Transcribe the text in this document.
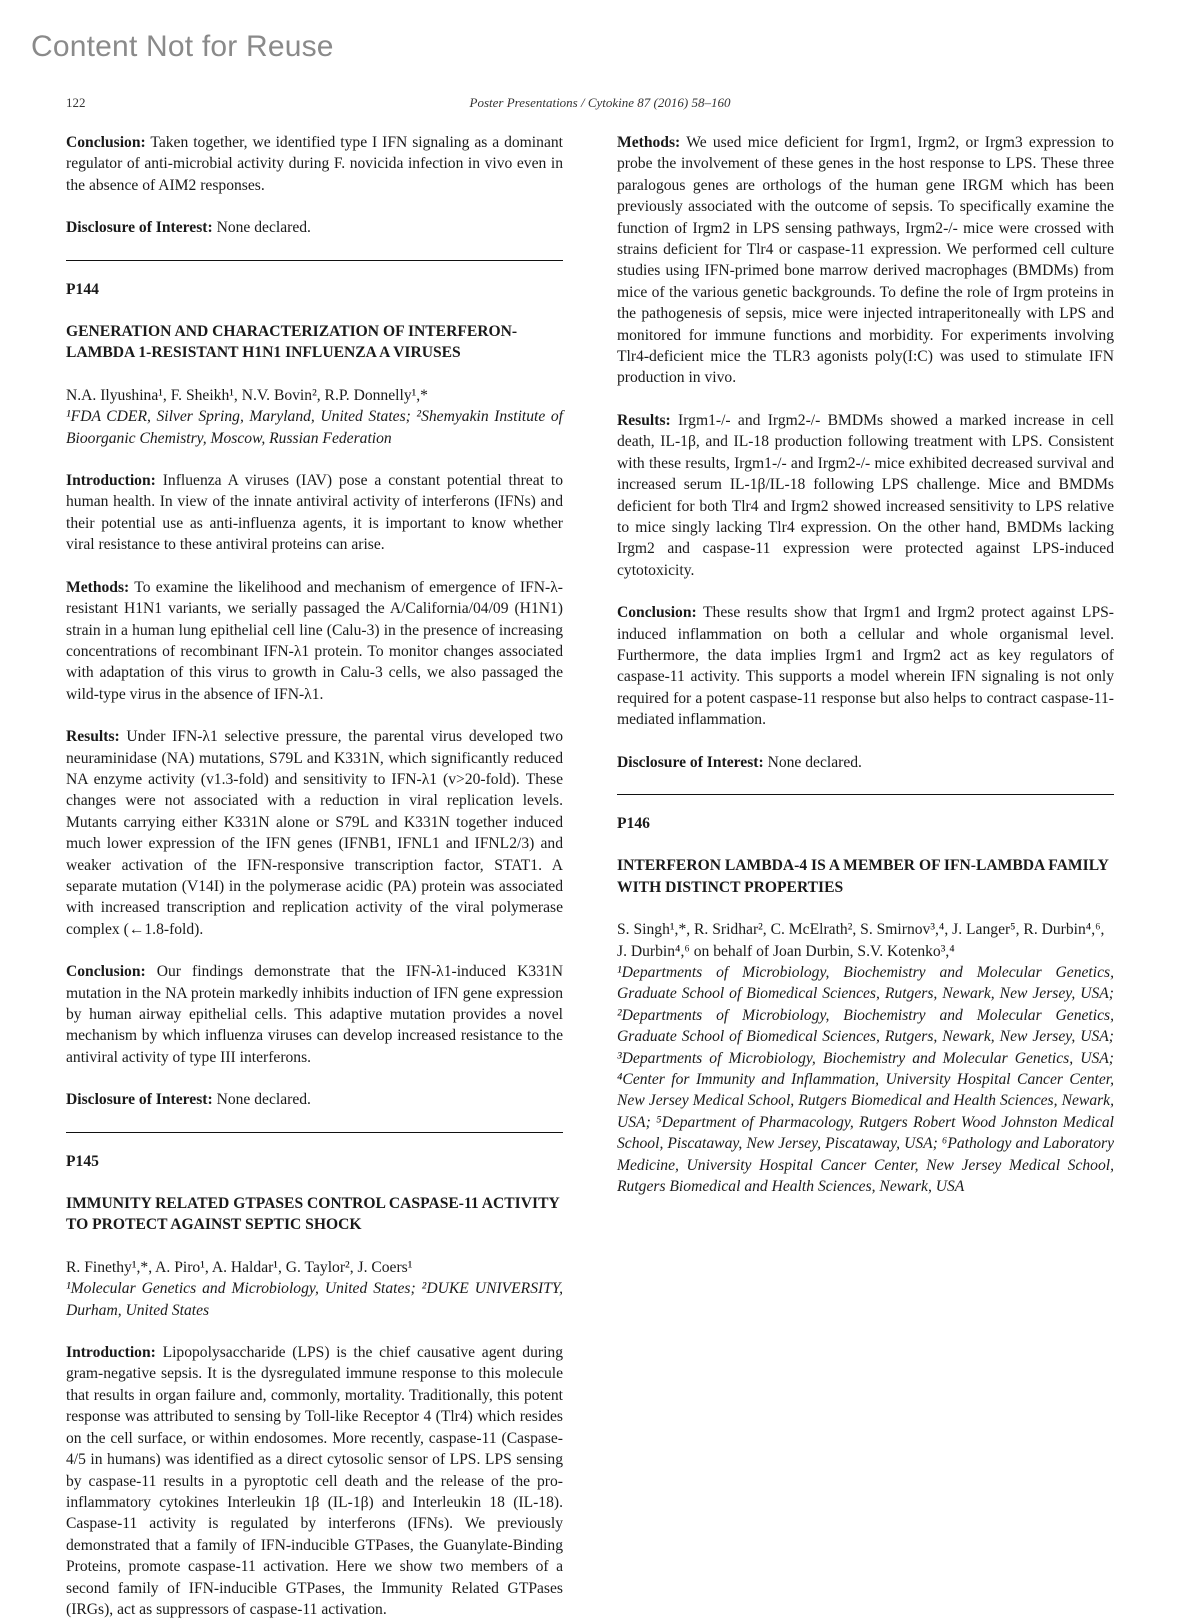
Content Not for Reuse
122	Poster Presentations / Cytokine 87 (2016) 58–160

Conclusion: Taken together, we identified type I IFN signaling as a dominant regulator of anti-microbial activity during F. novicida infection in vivo even in the absence of AIM2 responses.

Disclosure of Interest: None declared.

P144
GENERATION AND CHARACTERIZATION OF INTERFERON-LAMBDA 1-RESISTANT H1N1 INFLUENZA A VIRUSES
N.A. Ilyushina¹, F. Sheikh¹, N.V. Bovin², R.P. Donnelly¹,*
¹FDA CDER, Silver Spring, Maryland, United States; ²Shemyakin Institute of Bioorganic Chemistry, Moscow, Russian Federation

Introduction: Influenza A viruses (IAV) pose a constant potential threat to human health. In view of the innate antiviral activity of interferons (IFNs) and their potential use as anti-influenza agents, it is important to know whether viral resistance to these antiviral proteins can arise.

Methods: To examine the likelihood and mechanism of emergence of IFN-λ-resistant H1N1 variants, we serially passaged the A/California/04/09 (H1N1) strain in a human lung epithelial cell line (Calu-3) in the presence of increasing concentrations of recombinant IFN-λ1 protein. To monitor changes associated with adaptation of this virus to growth in Calu-3 cells, we also passaged the wild-type virus in the absence of IFN-λ1.

Results: Under IFN-λ1 selective pressure, the parental virus developed two neuraminidase (NA) mutations, S79L and K331N, which significantly reduced NA enzyme activity (v1.3-fold) and sensitivity to IFN-λ1 (v>20-fold). These changes were not associated with a reduction in viral replication levels. Mutants carrying either K331N alone or S79L and K331N together induced much lower expression of the IFN genes (IFNB1, IFNL1 and IFNL2/3) and weaker activation of the IFN-responsive transcription factor, STAT1. A separate mutation (V14I) in the polymerase acidic (PA) protein was associated with increased transcription and replication activity of the viral polymerase complex (←1.8-fold).

Conclusion: Our findings demonstrate that the IFN-λ1-induced K331N mutation in the NA protein markedly inhibits induction of IFN gene expression by human airway epithelial cells. This adaptive mutation provides a novel mechanism by which influenza viruses can develop increased resistance to the antiviral activity of type III interferons.

Disclosure of Interest: None declared.

P145
IMMUNITY RELATED GTPASES CONTROL CASPASE-11 ACTIVITY TO PROTECT AGAINST SEPTIC SHOCK
R. Finethy¹,*, A. Piro¹, A. Haldar¹, G. Taylor², J. Coers¹
¹Molecular Genetics and Microbiology, United States; ²DUKE UNIVERSITY, Durham, United States

Introduction: Lipopolysaccharide (LPS) is the chief causative agent during gram-negative sepsis. It is the dysregulated immune response to this molecule that results in organ failure and, commonly, mortality. Traditionally, this potent response was attributed to sensing by Toll-like Receptor 4 (Tlr4) which resides on the cell surface, or within endosomes. More recently, caspase-11 (Caspase-4/5 in humans) was identified as a direct cytosolic sensor of LPS. LPS sensing by caspase-11 results in a pyroptotic cell death and the release of the pro-inflammatory cytokines Interleukin 1β (IL-1β) and Interleukin 18 (IL-18). Caspase-11 activity is regulated by interferons (IFNs). We previously demonstrated that a family of IFN-inducible GTPases, the Guanylate-Binding Proteins, promote caspase-11 activation. Here we show two members of a second family of IFN-inducible GTPases, the Immunity Related GTPases (IRGs), act as suppressors of caspase-11 activation.

Methods: We used mice deficient for Irgm1, Irgm2, or Irgm3 expression to probe the involvement of these genes in the host response to LPS. These three paralogous genes are orthologs of the human gene IRGM which has been previously associated with the outcome of sepsis. To specifically examine the function of Irgm2 in LPS sensing pathways, Irgm2-/- mice were crossed with strains deficient for Tlr4 or caspase-11 expression. We performed cell culture studies using IFN-primed bone marrow derived macrophages (BMDMs) from mice of the various genetic backgrounds. To define the role of Irgm proteins in the pathogenesis of sepsis, mice were injected intraperitoneally with LPS and monitored for immune functions and morbidity. For experiments involving Tlr4-deficient mice the TLR3 agonists poly(I:C) was used to stimulate IFN production in vivo.

Results: Irgm1-/- and Irgm2-/- BMDMs showed a marked increase in cell death, IL-1β, and IL-18 production following treatment with LPS. Consistent with these results, Irgm1-/- and Irgm2-/- mice exhibited decreased survival and increased serum IL-1β/IL-18 following LPS challenge. Mice and BMDMs deficient for both Tlr4 and Irgm2 showed increased sensitivity to LPS relative to mice singly lacking Tlr4 expression. On the other hand, BMDMs lacking Irgm2 and caspase-11 expression were protected against LPS-induced cytotoxicity.

Conclusion: These results show that Irgm1 and Irgm2 protect against LPS-induced inflammation on both a cellular and whole organismal level. Furthermore, the data implies Irgm1 and Irgm2 act as key regulators of caspase-11 activity. This supports a model wherein IFN signaling is not only required for a potent caspase-11 response but also helps to contract caspase-11-mediated inflammation.

Disclosure of Interest: None declared.

P146
INTERFERON LAMBDA-4 IS A MEMBER OF IFN-LAMBDA FAMILY WITH DISTINCT PROPERTIES
S. Singh¹,*, R. Sridhar², C. McElrath², S. Smirnov³,⁴, J. Langer⁵, R. Durbin⁴,⁶, J. Durbin⁴,⁶ on behalf of Joan Durbin, S.V. Kotenko³,⁴
¹Departments of Microbiology, Biochemistry and Molecular Genetics, Graduate School of Biomedical Sciences, Rutgers, Newark, New Jersey, USA; ²Departments of Microbiology, Biochemistry and Molecular Genetics, Graduate School of Biomedical Sciences, Rutgers, Newark, New Jersey, USA; ³Departments of Microbiology, Biochemistry and Molecular Genetics, USA; ⁴Center for Immunity and Inflammation, University Hospital Cancer Center, New Jersey Medical School, Rutgers Biomedical and Health Sciences, Newark, USA; ⁵Department of Pharmacology, Rutgers Robert Wood Johnston Medical School, Piscataway, New Jersey, Piscataway, USA; ⁶Pathology and Laboratory Medicine, University Hospital Cancer Center, New Jersey Medical School, Rutgers Biomedical and Health Sciences, Newark, USA
